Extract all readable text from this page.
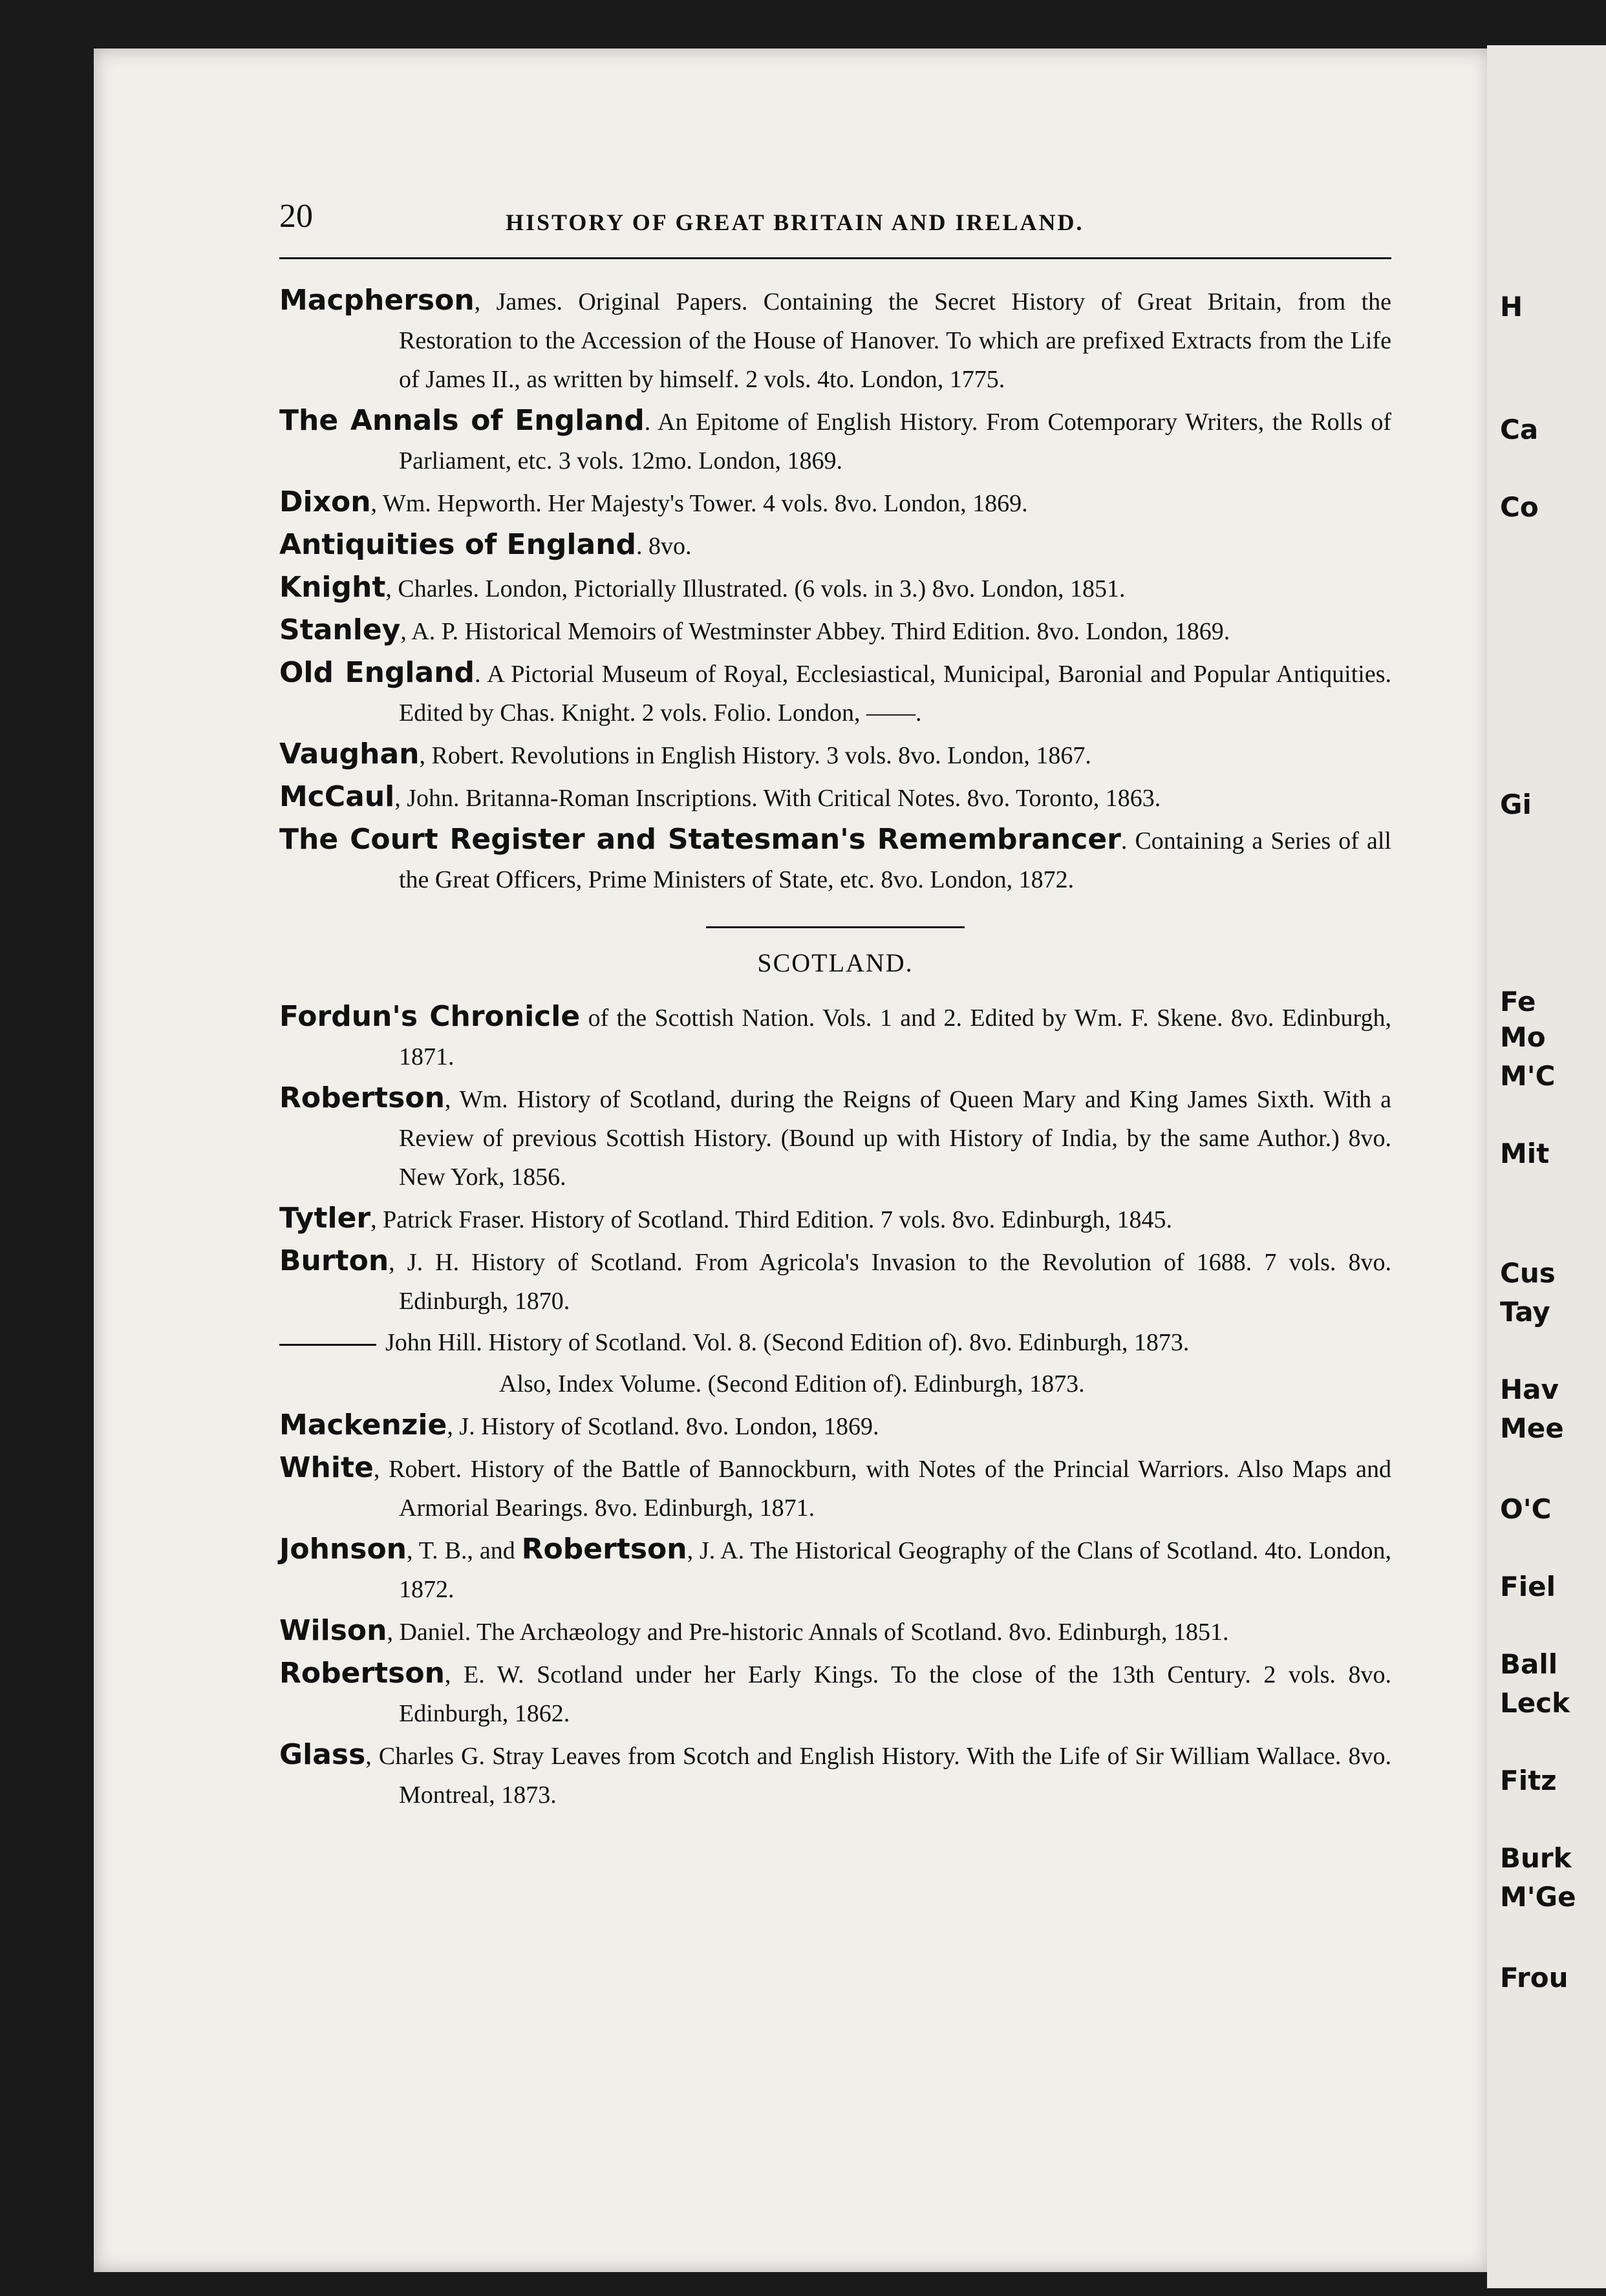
H
Ca
Co
Gi
Fe
Mo
M'C
Mit
Cus
Tay
Hav
Mee
O'C
Fiel
Ball
Leck
Fitz
Burk
M'Ge
Frou
20	HISTORY OF GREAT BRITAIN AND IRELAND.
Macpherson, James. Original Papers. Containing the Secret History of Great Britain, from the Restoration to the Accession of the House of Hanover. To which are prefixed Extracts from the Life of James II., as written by himself. 2 vols. 4to. London, 1775.
The Annals of England. An Epitome of English History. From Cotemporary Writers, the Rolls of Parliament, etc. 3 vols. 12mo. London, 1869.
Dixon, Wm. Hepworth. Her Majesty's Tower. 4 vols. 8vo. London, 1869.
Antiquities of England. 8vo.
Knight, Charles. London, Pictorially Illustrated. (6 vols. in 3.) 8vo. London, 1851.
Stanley, A. P. Historical Memoirs of Westminster Abbey. Third Edition. 8vo. London, 1869.
Old England. A Pictorial Museum of Royal, Ecclesiastical, Municipal, Baronial and Popular Antiquities. Edited by Chas. Knight. 2 vols. Folio. London, ——.
Vaughan, Robert. Revolutions in English History. 3 vols. 8vo. London, 1867.
McCaul, John. Britanna-Roman Inscriptions. With Critical Notes. 8vo. Toronto, 1863.
The Court Register and Statesman's Remembrancer. Containing a Series of all the Great Officers, Prime Ministers of State, etc. 8vo. London, 1872.
SCOTLAND.
Fordun's Chronicle of the Scottish Nation. Vols. 1 and 2. Edited by Wm. F. Skene. 8vo. Edinburgh, 1871.
Robertson, Wm. History of Scotland, during the Reigns of Queen Mary and King James Sixth. With a Review of previous Scottish History. (Bound up with History of India, by the same Author.) 8vo. New York, 1856.
Tytler, Patrick Fraser. History of Scotland. Third Edition. 7 vols. 8vo. Edinburgh, 1845.
Burton, J. H. History of Scotland. From Agricola's Invasion to the Revolution of 1688. 7 vols. 8vo. Edinburgh, 1870.
John Hill. History of Scotland. Vol. 8. (Second Edition of). 8vo. Edinburgh, 1873.
Also, Index Volume. (Second Edition of). Edinburgh, 1873.
Mackenzie, J. History of Scotland. 8vo. London, 1869.
White, Robert. History of the Battle of Bannockburn, with Notes of the Princial Warriors. Also Maps and Armorial Bearings. 8vo. Edinburgh, 1871.
Johnson, T. B., and Robertson, J. A. The Historical Geography of the Clans of Scotland. 4to. London, 1872.
Wilson, Daniel. The Archæology and Pre-historic Annals of Scotland. 8vo. Edinburgh, 1851.
Robertson, E. W. Scotland under her Early Kings. To the close of the 13th Century. 2 vols. 8vo. Edinburgh, 1862.
Glass, Charles G. Stray Leaves from Scotch and English History. With the Life of Sir William Wallace. 8vo. Montreal, 1873.
